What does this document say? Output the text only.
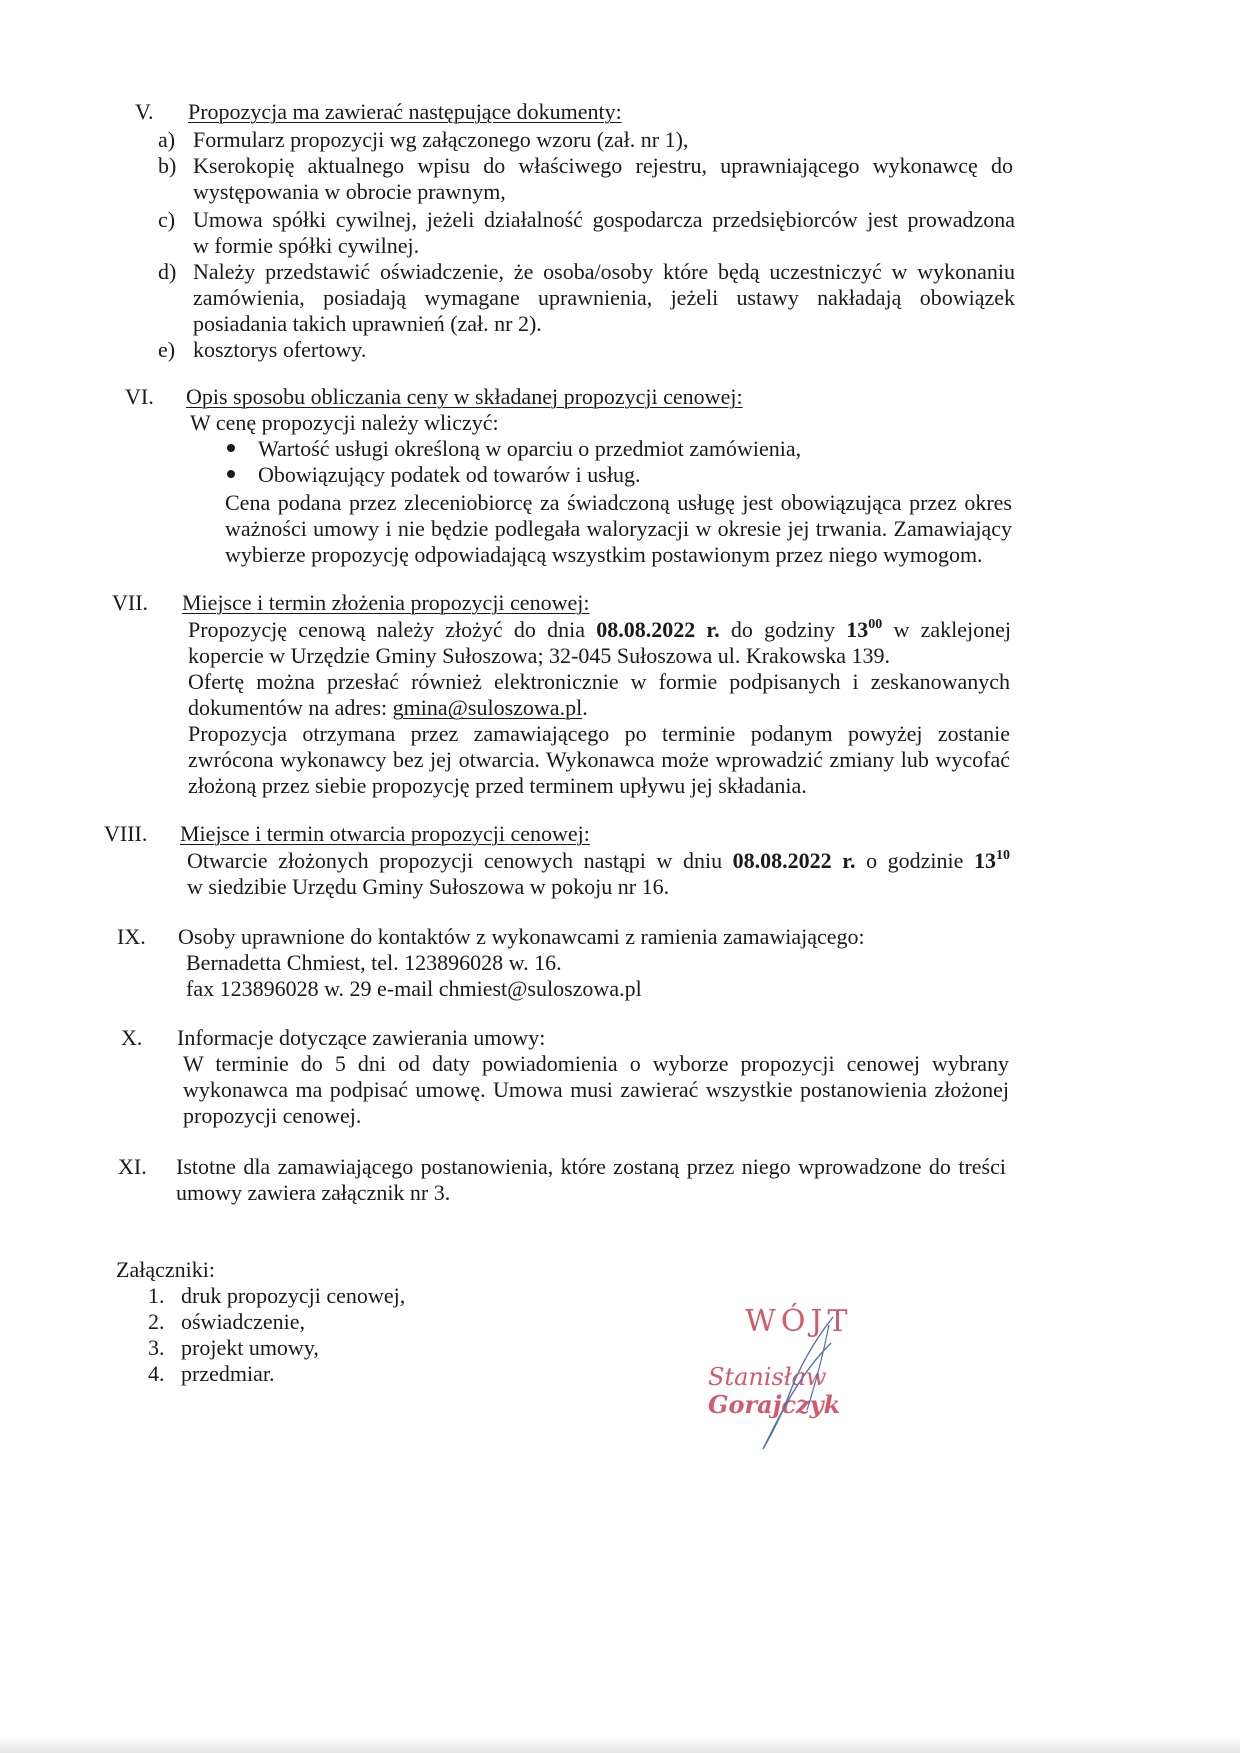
V. Propozycja ma zawierać następujące dokumenty:
a) Formularz propozycji wg załączonego wzoru (zał. nr 1),
b) Kserokopię aktualnego wpisu do właściwego rejestru, uprawniającego wykonawcę do
występowania w obrocie prawnym,
c) Umowa spółki cywilnej, jeżeli działalność gospodarcza przedsiębiorców jest prowadzona
w formie spółki cywilnej.
d) Należy przedstawić oświadczenie, że osoba/osoby które będą uczestniczyć w wykonaniu
zamówienia, posiadają wymagane uprawnienia, jeżeli ustawy nakładają obowiązek
posiadania takich uprawnień (zał. nr 2).
e) kosztorys ofertowy.
VI. Opis sposobu obliczania ceny w składanej propozycji cenowej:
W cenę propozycji należy wliczyć:
Wartość usługi określoną w oparciu o przedmiot zamówienia,
Obowiązujący podatek od towarów i usług.
Cena podana przez zleceniobiorcę za świadczoną usługę jest obowiązująca przez okres
ważności umowy i nie będzie podlegała waloryzacji w okresie jej trwania. Zamawiający
wybierze propozycję odpowiadającą wszystkim postawionym przez niego wymogom.
VII. Miejsce i termin złożenia propozycji cenowej:
Propozycję cenową należy złożyć do dnia 08.08.2022 r. do godziny $13^{00}$ w zaklejonej
kopercie w Urzędzie Gminy Sułoszowa; 32-045 Sułoszowa ul. Krakowska 139.
Ofertę można przesłać również elektronicznie w formie podpisanych i zeskanowanych
dokumentów na adres: gmina@suloszowa.pl.
Propozycja otrzymana przez zamawiającego po terminie podanym powyżej zostanie
zwrócona wykonawcy bez jej otwarcia. Wykonawca może wprowadzić zmiany lub wycofać
złożoną przez siebie propozycję przed terminem upływu jej składania.
VIII. Miejsce i termin otwarcia propozycji cenowej:
Otwarcie złożonych propozycji cenowych nastąpi w dniu 08.08.2022 r. o godzinie $13^{10}$
w siedzibie Urzędu Gminy Sułoszowa w pokoju nr 16.
IX. Osoby uprawnione do kontaktów z wykonawcami z ramienia zamawiającego:
Bernadetta Chmiest, tel. 123896028 w. 16.
fax 123896028 w. 29 e-mail chmiest@suloszowa.pl
X. Informacje dotyczące zawierania umowy:
W terminie do 5 dni od daty powiadomienia o wyborze propozycji cenowej wybrany
wykonawca ma podpisać umowę. Umowa musi zawierać wszystkie postanowienia złożonej
propozycji cenowej.
XI. Istotne dla zamawiającego postanowienia, które zostaną przez niego wprowadzone do treści
umowy zawiera załącznik nr 3.
Załączniki:
1. druk propozycji cenowej,
2. oświadczenie,
3. projekt umowy,
4. przedmiar.
WÓJT
Stanisław Gorajczyk
